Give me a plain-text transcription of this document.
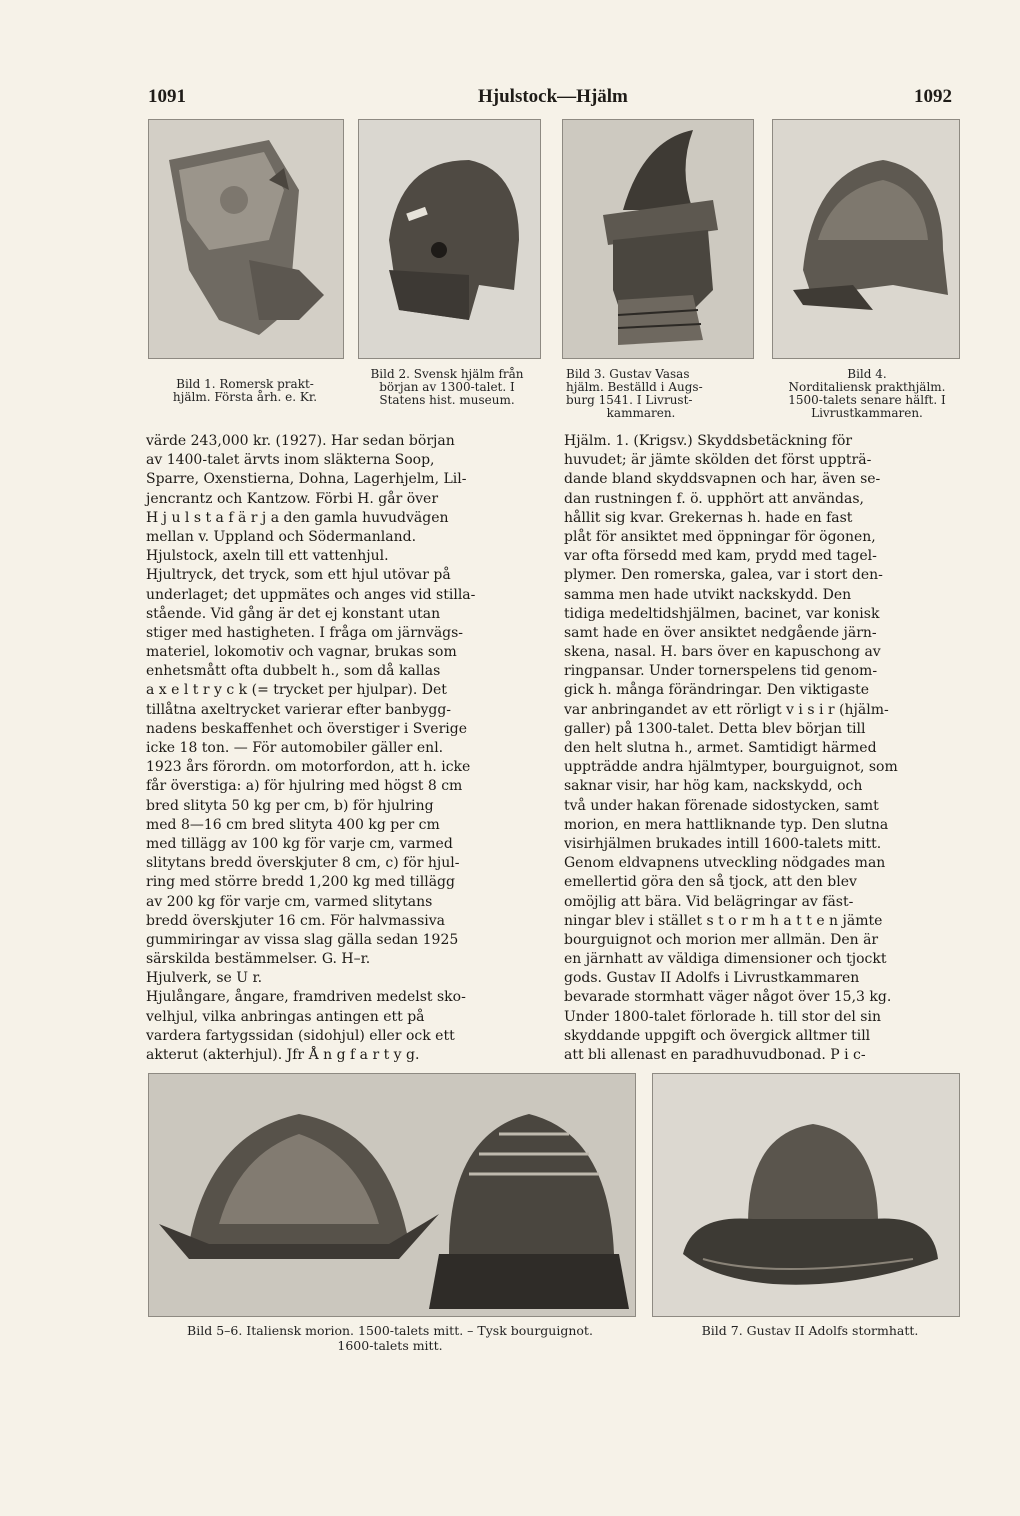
1091	Hjulstock—Hjälm	1092
Bild 1. Romersk prakt-
hjälm. Första årh. e. Kr.
Bild 2. Svensk hjälm från
början av 1300-talet. I
Statens hist. museum.
Bild 3. Gustav Vasas
hjälm. Beställd i Augs-
burg 1541. I Livrust-
kammaren.
Bild 4.
Norditaliensk prakthjälm.
1500-talets senare hälft. I
Livrustkammaren.
värde 243,000 kr. (1927). Har sedan början
av 1400-talet ärvts inom släkterna Soop,
Sparre, Oxenstierna, Dohna, Lagerhjelm, Lil-
jencrantz och Kantzow. Förbi H. går över
H j u l s t a f ä r j a den gamla huvudvägen
mellan v. Uppland och Södermanland.
Hjulstock, axeln till ett vattenhjul.
Hjultryck, det tryck, som ett hjul utövar på
underlaget; det uppmätes och anges vid stilla-
stående. Vid gång är det ej konstant utan
stiger med hastigheten. I fråga om järnvägs-
materiel, lokomotiv och vagnar, brukas som
enhetsmått ofta dubbelt h., som då kallas
a x e l t r y c k (= trycket per hjulpar). Det
tillåtna axeltrycket varierar efter banbygg-
nadens beskaffenhet och överstiger i Sverige
icke 18 ton. — För automobiler gäller enl.
1923 års förordn. om motorfordon, att h. icke
får överstiga: a) för hjulring med högst 8 cm
bred slityta 50 kg per cm, b) för hjulring
med 8—16 cm bred slityta 400 kg per cm
med tillägg av 100 kg för varje cm, varmed
slitytans bredd överskjuter 8 cm, c) för hjul-
ring med större bredd 1,200 kg med tillägg
av 200 kg för varje cm, varmed slitytans
bredd överskjuter 16 cm. För halvmassiva
gummiringar av vissa slag gälla sedan 1925
särskilda bestämmelser. G. H–r.
Hjulverk, se U r.
Hjulångare, ångare, framdriven medelst sko-
velhjul, vilka anbringas antingen ett på
vardera fartygssidan (sidohjul) eller ock ett
akterut (akterhjul). Jfr Å n g f a r t y g.
Hjälm. 1. (Krigsv.) Skyddsbetäckning för
huvudet; är jämte skölden det först uppträ-
dande bland skyddsvapnen och har, även se-
dan rustningen f. ö. upphört att användas,
hållit sig kvar. Grekernas h. hade en fast
plåt för ansiktet med öppningar för ögonen,
var ofta försedd med kam, prydd med tagel-
plymer. Den romerska, galea, var i stort den-
samma men hade utvikt nackskydd. Den
tidiga medeltidshjälmen, bacinet, var konisk
samt hade en över ansiktet nedgående järn-
skena, nasal. H. bars över en kapuschong av
ringpansar. Under tornerspelens tid genom-
gick h. många förändringar. Den viktigaste
var anbringandet av ett rörligt v i s i r (hjälm-
galler) på 1300-talet. Detta blev början till
den helt slutna h., armet. Samtidigt härmed
uppträdde andra hjälmtyper, bourguignot, som
saknar visir, har hög kam, nackskydd, och
två under hakan förenade sidostycken, samt
morion, en mera hattliknande typ. Den slutna
visirhjälmen brukades intill 1600-talets mitt.
Genom eldvapnens utveckling nödgades man
emellertid göra den så tjock, att den blev
omöjlig att bära. Vid belägringar av fäst-
ningar blev i stället s t o r m h a t t e n jämte
bourguignot och morion mer allmän. Den är
en järnhatt av väldiga dimensioner och tjockt
gods. Gustav II Adolfs i Livrustkammaren
bevarade stormhatt väger något över 15,3 kg.
Under 1800-talet förlorade h. till stor del sin
skyddande uppgift och övergick alltmer till
att bli allenast en paradhuvudbonad. P i c-
Bild 5–6. Italiensk morion. 1500-talets mitt. – Tysk bourguignot.
1600-talets mitt.
Bild 7. Gustav II Adolfs stormhatt.
